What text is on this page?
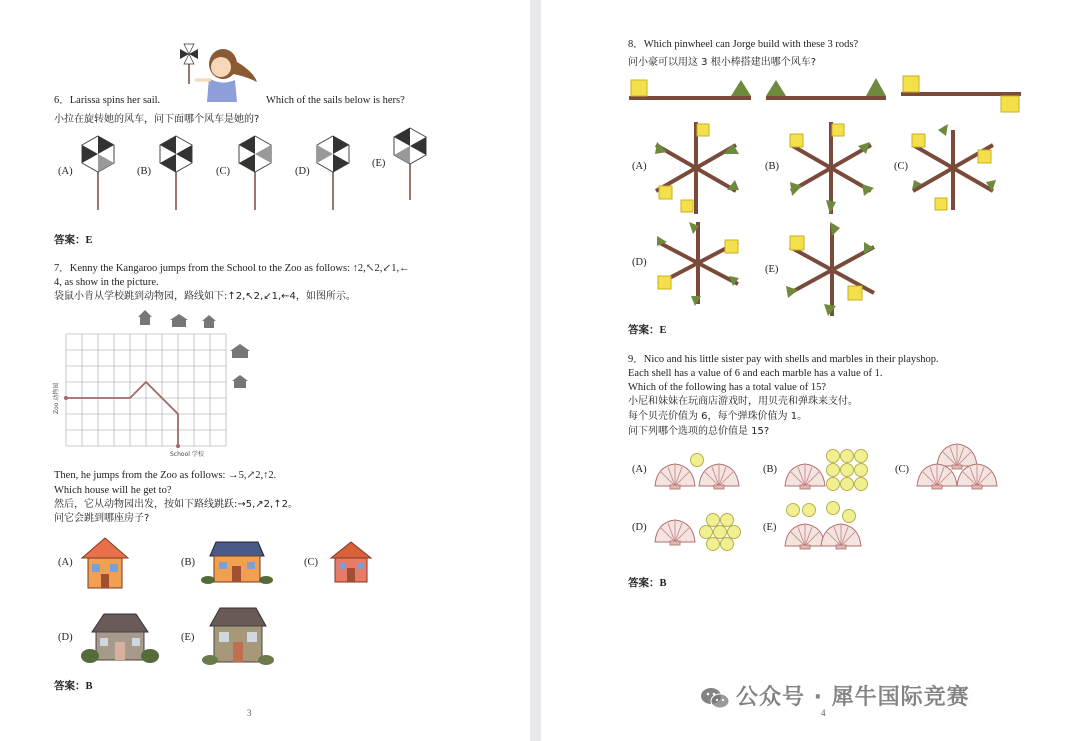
6．Larissa spins her sail.	Which of the sails below is hers?
小拉在旋转她的风车，问下面哪个风车是她的?
(A)	(B)	(C)	(D)
(E)
答案：E
7．Kenny the Kangaroo jumps from the School to the Zoo as follows: ↑2,↖2,↙1,←
4, as show in the picture.
袋鼠小肯从学校跳到动物园，路线如下:↑2,↖2,↙1,←4，如图所示。
School 学校
Zoo 动物园
Then, he jumps from the Zoo as follows: →5,↗2,↑2.
Which house will he get to?
然后，它从动物园出发，按如下路线跳跃:→5,↗2,↑2。
问它会跳到哪座房子?
(A)	(B)	(C)
(D)	(E)
答案：B
3
8．Which pinwheel can Jorge build with these 3 rods?
问小豪可以用这 3 根小棒搭建出哪个风车?
(A)	(B)	(C)
(D)
(E)
答案：E
9．Nico and his little sister pay with shells and marbles in their playshop.
Each shell has a value of 6 and each marble has a value of 1.
Which of the following has a total value of 15?
小尼和妹妹在玩商店游戏时，用贝壳和弹珠来支付。
每个贝壳价值为 6，每个弹珠价值为 1。
问下列哪个选项的总价值是 15?
(A)	(B)	(C)
(D)	(E)
答案：B
4
公众号 · 犀牛国际竞赛
